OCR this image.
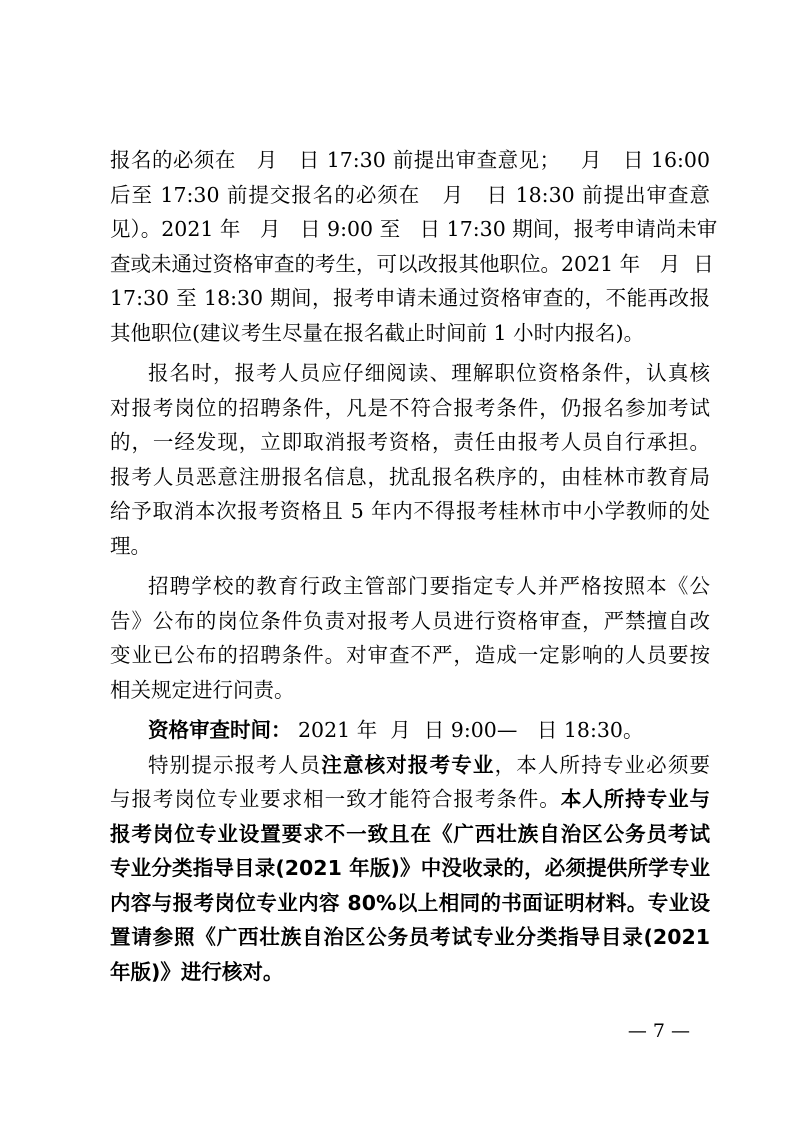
报名的必须在   月   日 17:30 前提出审查意见；   月   日 16:00
后至 17:30 前提交报名的必须在   月   日 18:30 前提出审查意
见）。2021 年   月   日 9:00 至   日 17:30 期间，报考申请尚未审
查或未通过资格审查的考生，可以改报其他职位。2021 年   月  日
17:30 至 18:30 期间，报考申请未通过资格审查的，不能再改报
其他职位(建议考生尽量在报名截止时间前 1 小时内报名)。
报名时，报考人员应仔细阅读、理解职位资格条件，认真核
对报考岗位的招聘条件，凡是不符合报考条件，仍报名参加考试
的，一经发现，立即取消报考资格，责任由报考人员自行承担。
报考人员恶意注册报名信息，扰乱报名秩序的，由桂林市教育局
给予取消本次报考资格且 5 年内不得报考桂林市中小学教师的处
理。
招聘学校的教育行政主管部门要指定专人并严格按照本《公
告》公布的岗位条件负责对报考人员进行资格审查，严禁擅自改
变业已公布的招聘条件。对审查不严，造成一定影响的人员要按
相关规定进行问责。
资格审查时间： 2021 年  月  日 9:00—   日 18:30。
特别提示报考人员注意核对报考专业，本人所持专业必须要
与报考岗位专业要求相一致才能符合报考条件。本人所持专业与
报考岗位专业设置要求不一致且在《广西壮族自治区公务员考试
专业分类指导目录(2021 年版)》中没收录的，必须提供所学专业
内容与报考岗位专业内容 80%以上相同的书面证明材料。专业设
置请参照《广西壮族自治区公务员考试专业分类指导目录(2021
年版)》进行核对。
— 7 —
